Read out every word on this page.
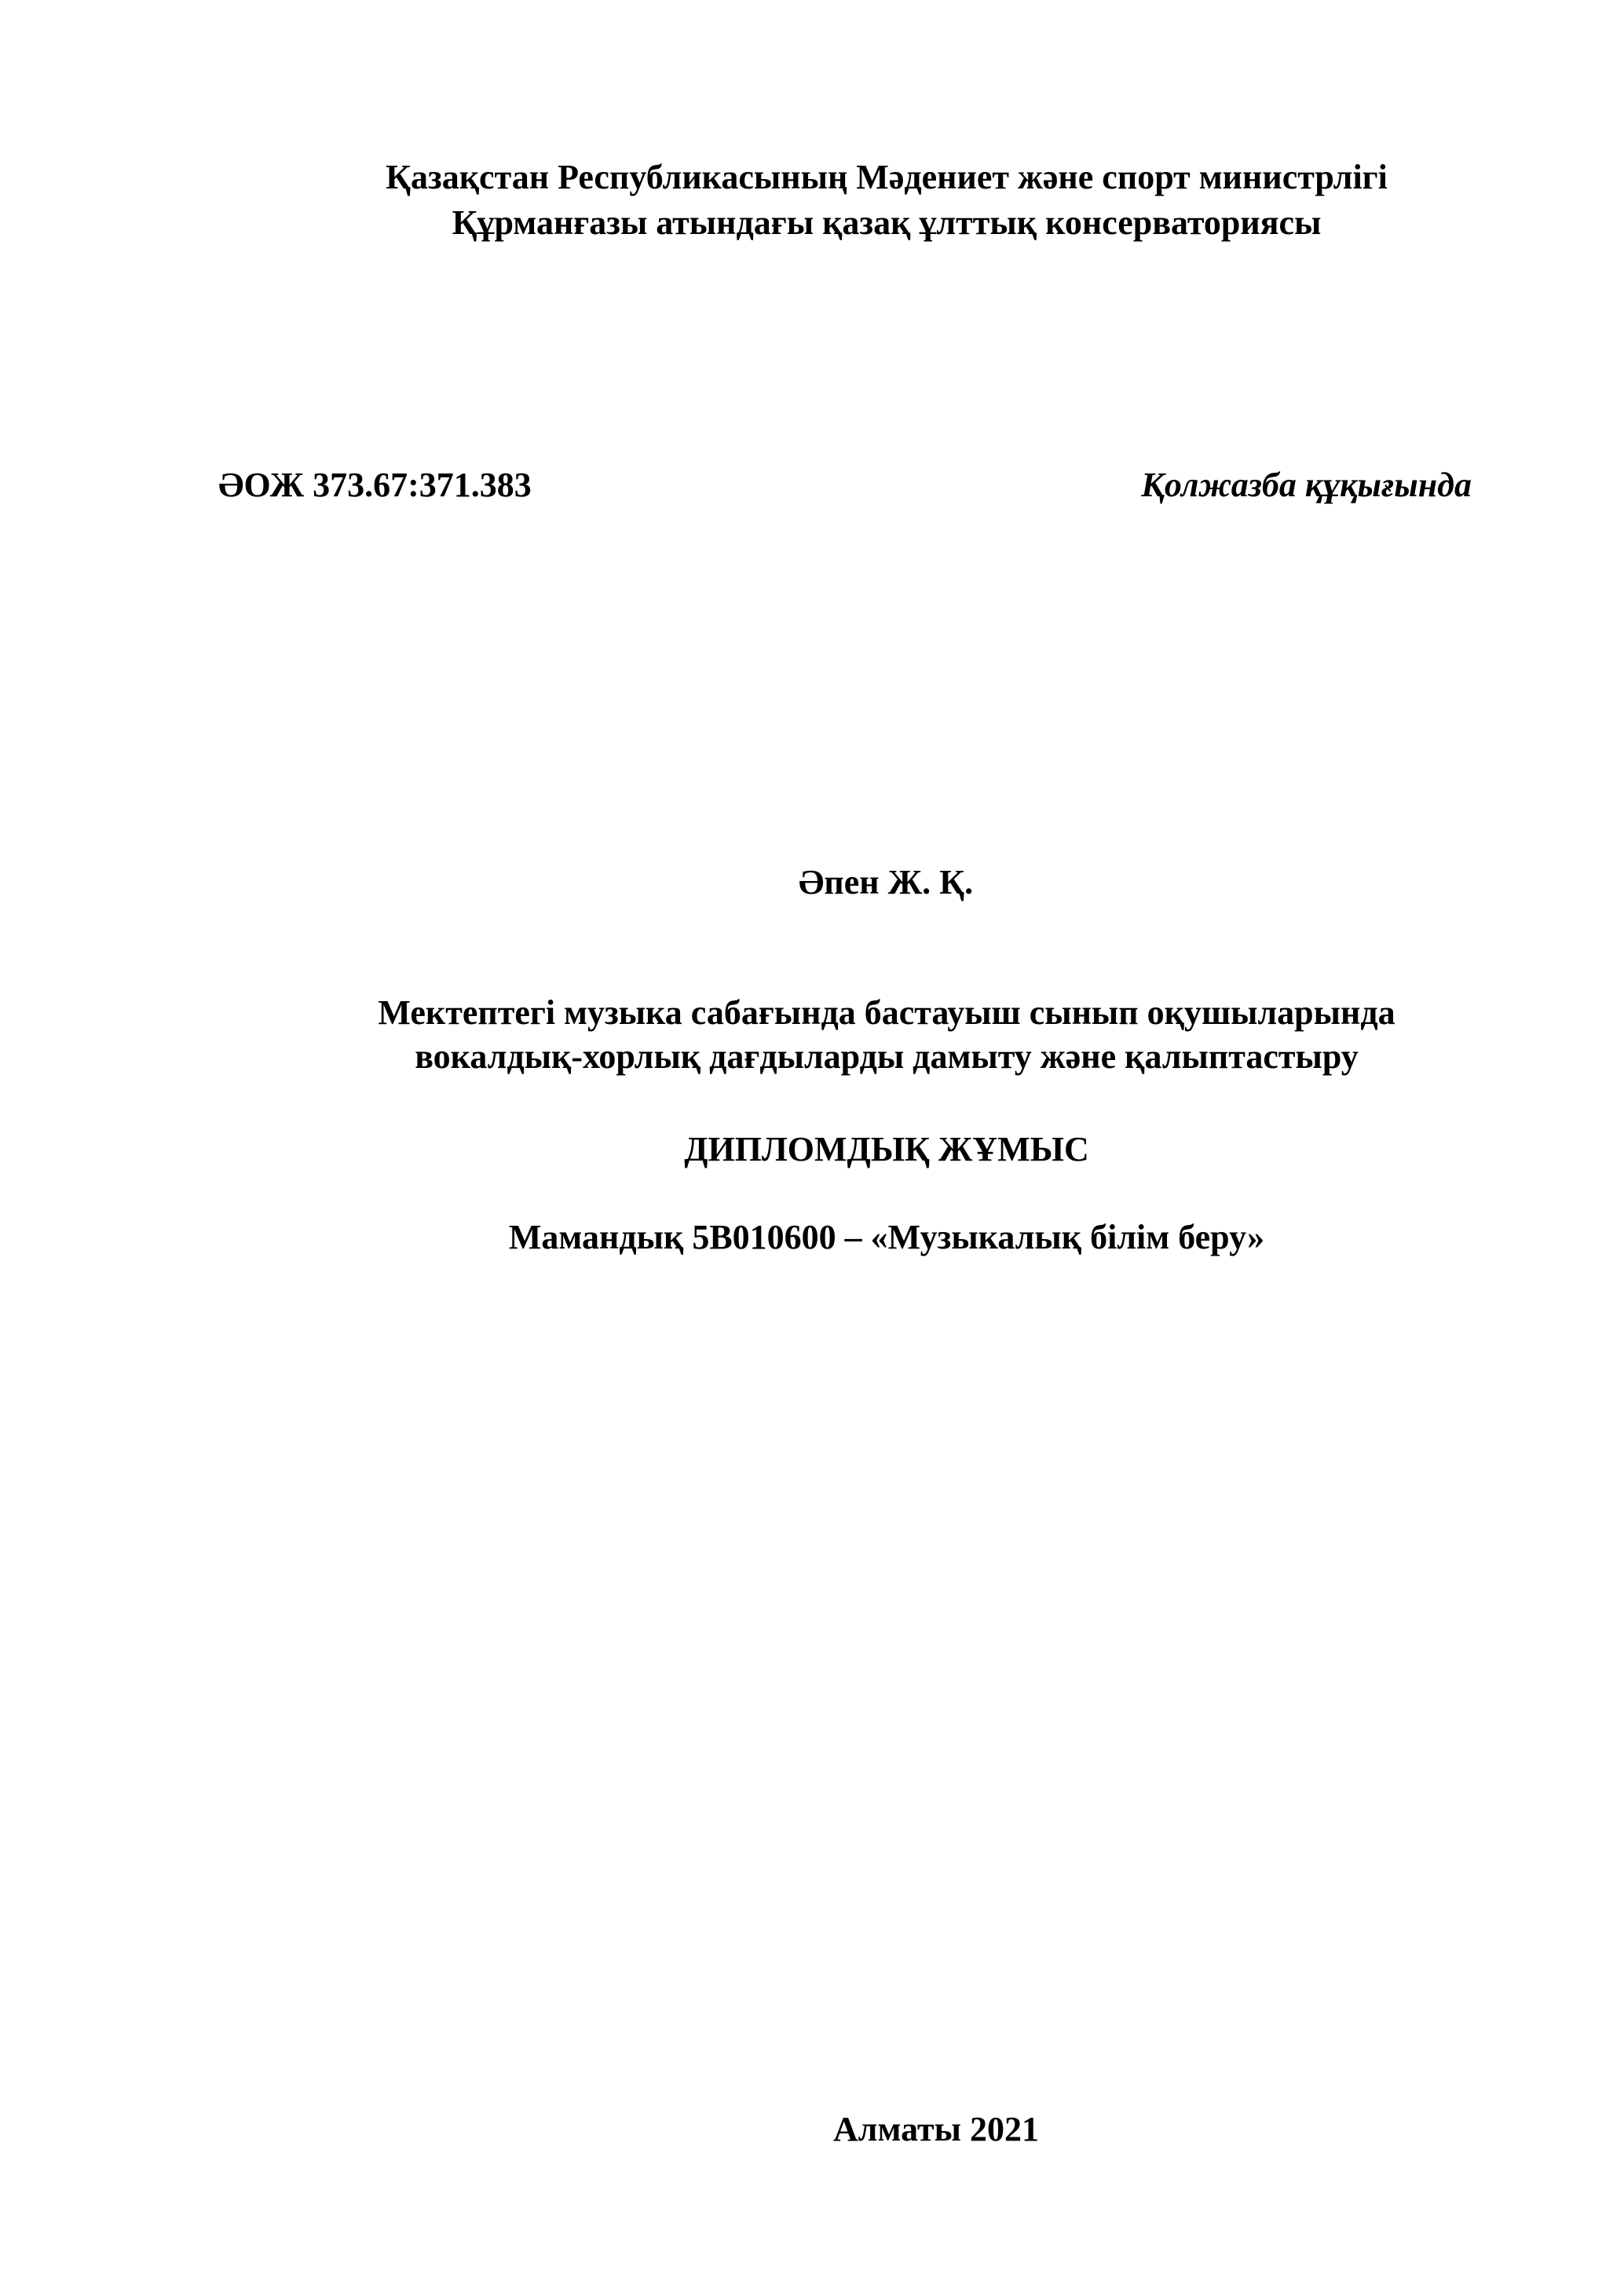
Қазақстан Республикасының Мәдениет және спорт министрлігі
Құрманғазы атындағы қазақ ұлттық консерваториясы
ӘОЖ 373.67:371.383	Қолжазба құқығында
Әпен Ж. Қ.
Мектептегі музыка сабағында бастауыш сынып оқушыларында
вокалдық-хорлық дағдыларды дамыту және қалыптастыру
ДИПЛОМДЫҚ ЖҰМЫС
Мамандық 5В010600 – «Музыкалық білім беру»
Алматы 2021
